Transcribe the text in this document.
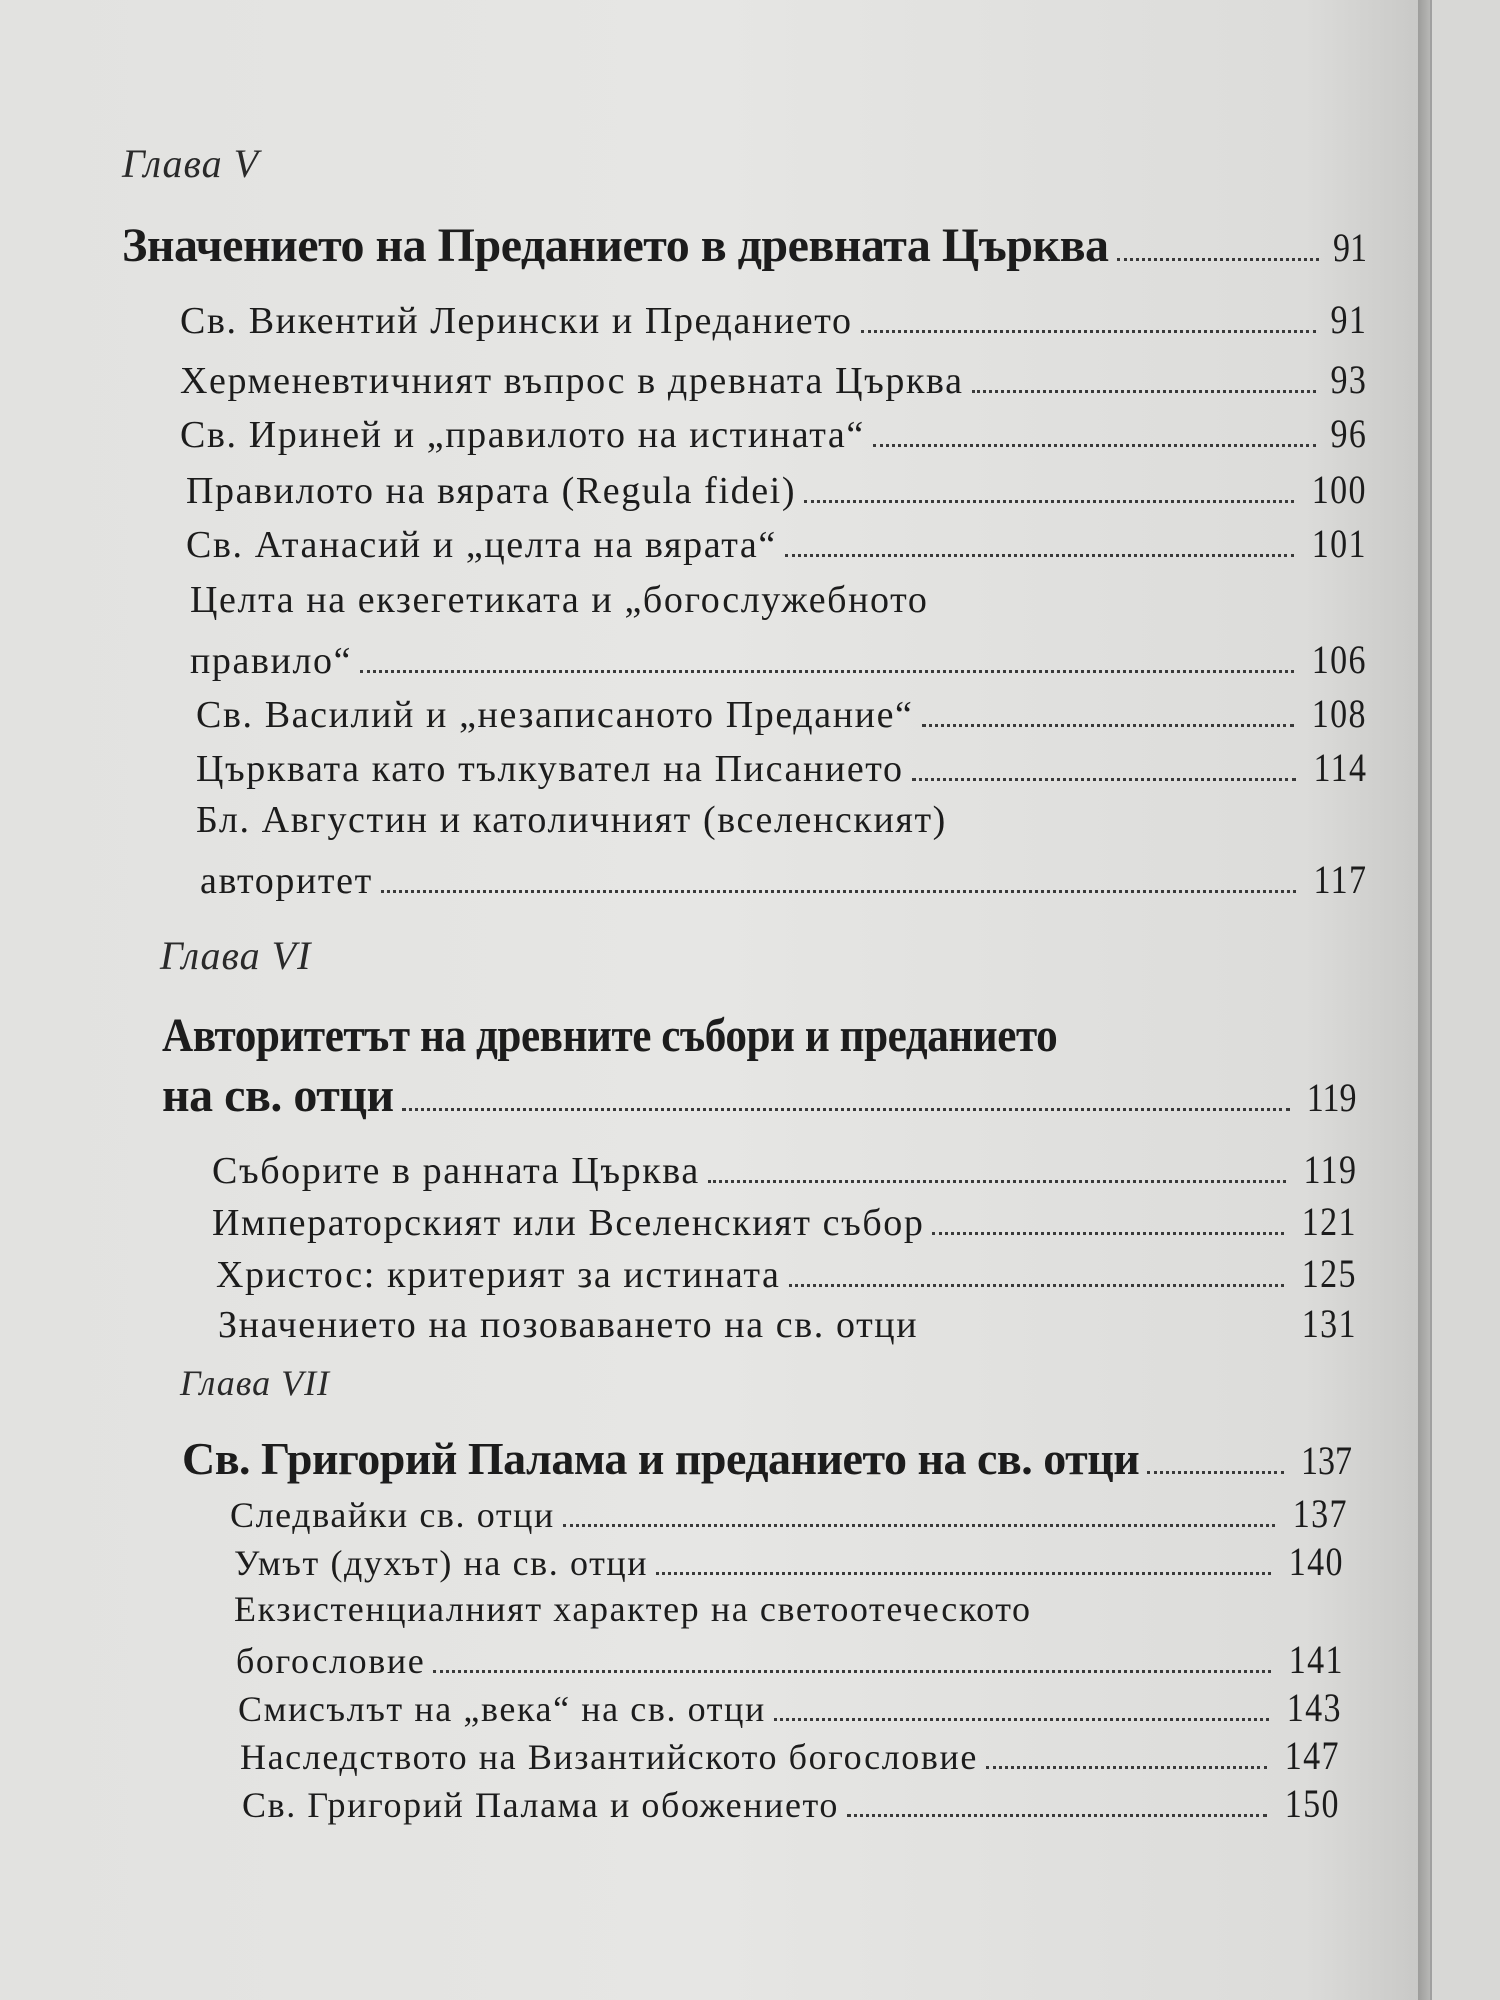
Глава V
Значението на Преданието в древната Църква	91
Св. Викентий Лерински и Преданието	91
Херменевтичният въпрос в древната Църква	93
Св. Ириней и „правилото на истината“	96
Правилото на вярата (Regula fidei)	100
Св. Атанасий и „целта на вярата“	101
Целта на екзегетиката и „богослужебното
правило“	106
Св. Василий и „незаписаното Предание“	108
Църквата като тълкувател на Писанието	114
Бл. Августин и католичният (вселенският)
авторитет	117
Глава VI
Авторитетът на древните събори и преданието
на св. отци	119
Съборите в ранната Църква	119
Императорският или Вселенският събор	121
Христос: критерият за истината	125
Значението на позоваването на св. отци	131
Глава VII
Св. Григорий Палама и преданието на св. отци	137
Следвайки св. отци	137
Умът (духът) на св. отци	140
Екзистенциалният характер на светоотеческото
богословие	141
Смисълът на „века“ на св. отци	143
Наследството на Византийското богословие	147
Св. Григорий Палама и обожението	150
